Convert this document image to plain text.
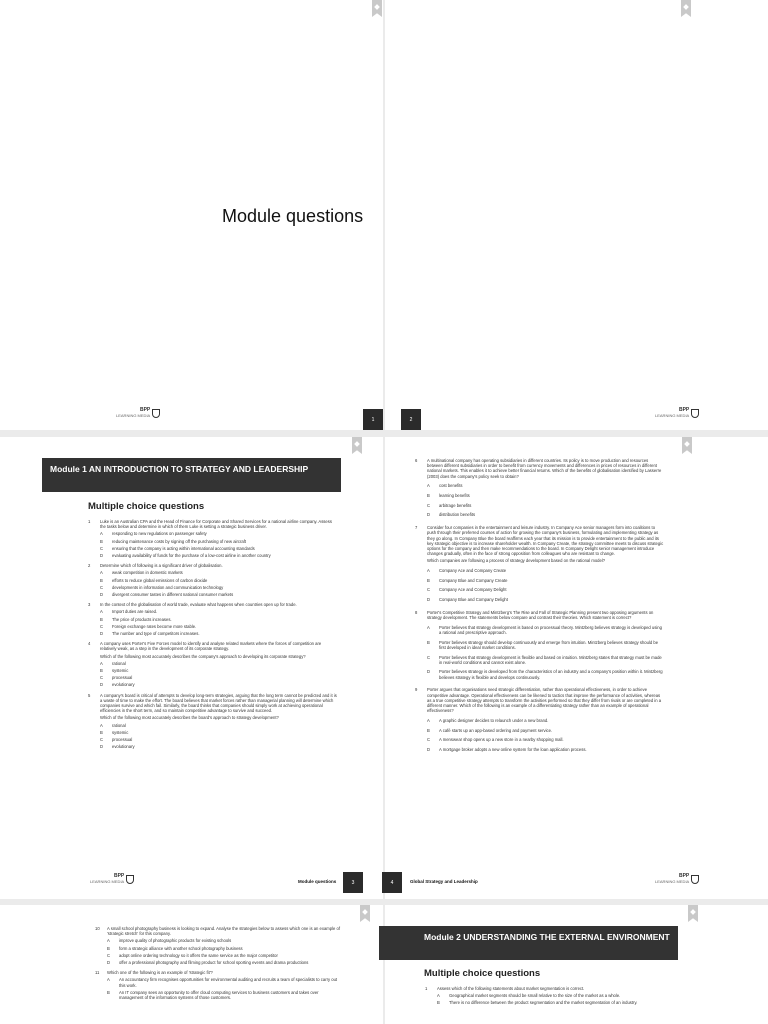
BPP
LEARNING MEDIA
1
Module questions
2
BPP
LEARNING MEDIA
Module 1 AN INTRODUCTION TO STRATEGY AND LEADERSHIP
Multiple choice questions
1	Luke is an Australian CPA and the Head of Finance for Corporate and Shared Services for a national airline company. Assess the tasks below and determine in which of them Luke is setting a strategic business driver.
A	responding to new regulations on passenger safety
B	reducing maintenance costs by signing off the purchasing of new aircraft
C	ensuring that the company is acting within international accounting standards
D	evaluating availability of funds for the purchase of a low-cost airline in another country
2	Determine which of following is a significant driver of globalisation.
A	weak competition in domestic markets
B	efforts to reduce global emissions of carbon dioxide
C	developments in information and communication technology
D	divergent consumer tastes in different national consumer markets
3	In the context of the globalisation of world trade, evaluate what happens when countries open up for trade.
A	Import duties are raised.
B	The price of products increases.
C	Foreign exchange rates become more stable.
D	The number and type of competitors increases.
4	A company uses Porter's Five Forces model to identify and analyse related markets where the forces of competition are relatively weak, as a step in the development of its corporate strategy.
Which of the following most accurately describes the company's approach to developing its corporate strategy?
A	rational
B	systemic
C	processual
D	evolutionary
5	A company's board is critical of attempts to develop long-term strategies, arguing that the long term cannot be predicted and it is a waste of time to make the effort. The board believes that market forces rather than managerial planning will determine which companies survive and which fail. Similarly, the board thinks that companies should simply work at achieving operational efficiencies in the short term, and so maintain competitive advantage to survive and succeed.
Which of the following most accurately describes the board's approach to strategy development?
A	rational
B	systemic
C	processual
D	evolutionary
BPP
LEARNING MEDIA	Module questions	3
6	A multinational company has operating subsidiaries in different countries. Its policy is to move production and resources between different subsidiaries in order to benefit from currency movements and differences in prices of resources in different national markets. This enables it to achieve better financial returns. Which of the benefits of globalisation identified by Lasserre (2003) does the company's policy seek to obtain?
A	cost benefits
B	learning benefits
C	arbitrage benefits
D	distribution benefits
7	Consider four companies in the entertainment and leisure industry. In Company Ace senior managers form into coalitions to push through their preferred courses of action for growing the company's business, formulating and implementing strategy as they go along. In Company Blue the board reaffirms each year that its mission is to provide entertainment to the public and its key strategic objective is to increase shareholder wealth. In Company Create, the strategy committee meets to discuss strategic options for the company and then make recommendations to the board. In Company Delight senior management introduce changes gradually, often in the face of strong opposition from colleagues who are resistant to change.
Which companies are following a process of strategy development based on the rational model?
A	Company Ace and Company Create
B	Company Blue and Company Create
C	Company Ace and Company Delight
D	Company Blue and Company Delight
8	Porter's Competitive Strategy and Mintzberg's The Rise and Fall of Strategic Planning present two opposing arguments on strategy development. The statements below compare and contrast their theories. Which statement is correct?
A	Porter believes that strategy development is based on processual theory. Mintzberg believes strategy is developed using a rational and prescriptive approach.
B	Porter believes strategy should develop continuously and emerge from intuition. Mintzberg believes strategy should be first developed in ideal market conditions.
C	Porter believes that strategy development is flexible and based on intuition. Mintzberg states that strategy must be made in real-world conditions and cannot exist alone.
D	Porter believes strategy is developed from the characteristics of an industry and a company's position within it. Mintzberg believes strategy is flexible and develops continuously.
9	Porter argues that organisations need strategic differentiation, rather than operational effectiveness, in order to achieve competitive advantage. Operational effectiveness can be likened to tactics that improve the performance of activities, whereas as a true competitive strategy attempts to transform the activities performed so that they differ from rivals or are completed in a different manner. Which of the following is an example of a differentiating strategy rather than an example of operational effectiveness?
A	A graphic designer decides to relaunch under a new brand.
B	A café starts up an app-based ordering and payment service.
C	A menswear shop opens up a new store in a nearby shopping mall.
D	A mortgage broker adopts a new online system for the loan application process.
4	Global Strategy and Leadership
BPP
LEARNING MEDIA
10	A small school photography business is looking to expand. Analyse the strategies below to assess which one is an example of 'strategic stretch' for this company.
A	improve quality of photographic products for existing schools
B	form a strategic alliance with another school photography business
C	adopt online ordering technology so it offers the same service as the major competitor
D	offer a professional photography and filming product for school sporting events and drama productions
11	Which one of the following is an example of 'strategic fit'?
A	An accountancy firm recognises opportunities for environmental auditing and recruits a team of specialists to carry out this work.
B	An IT company sees an opportunity to offer cloud computing services to business customers and takes over management of the information systems of those customers.
Module 2 UNDERSTANDING THE EXTERNAL ENVIRONMENT
Multiple choice questions
1	Assess which of the following statements about market segmentation is correct.
A	Geographical market segments should be small relative to the size of the market as a whole.
B	There is no difference between the product segmentation and the market segmentation of an industry.
